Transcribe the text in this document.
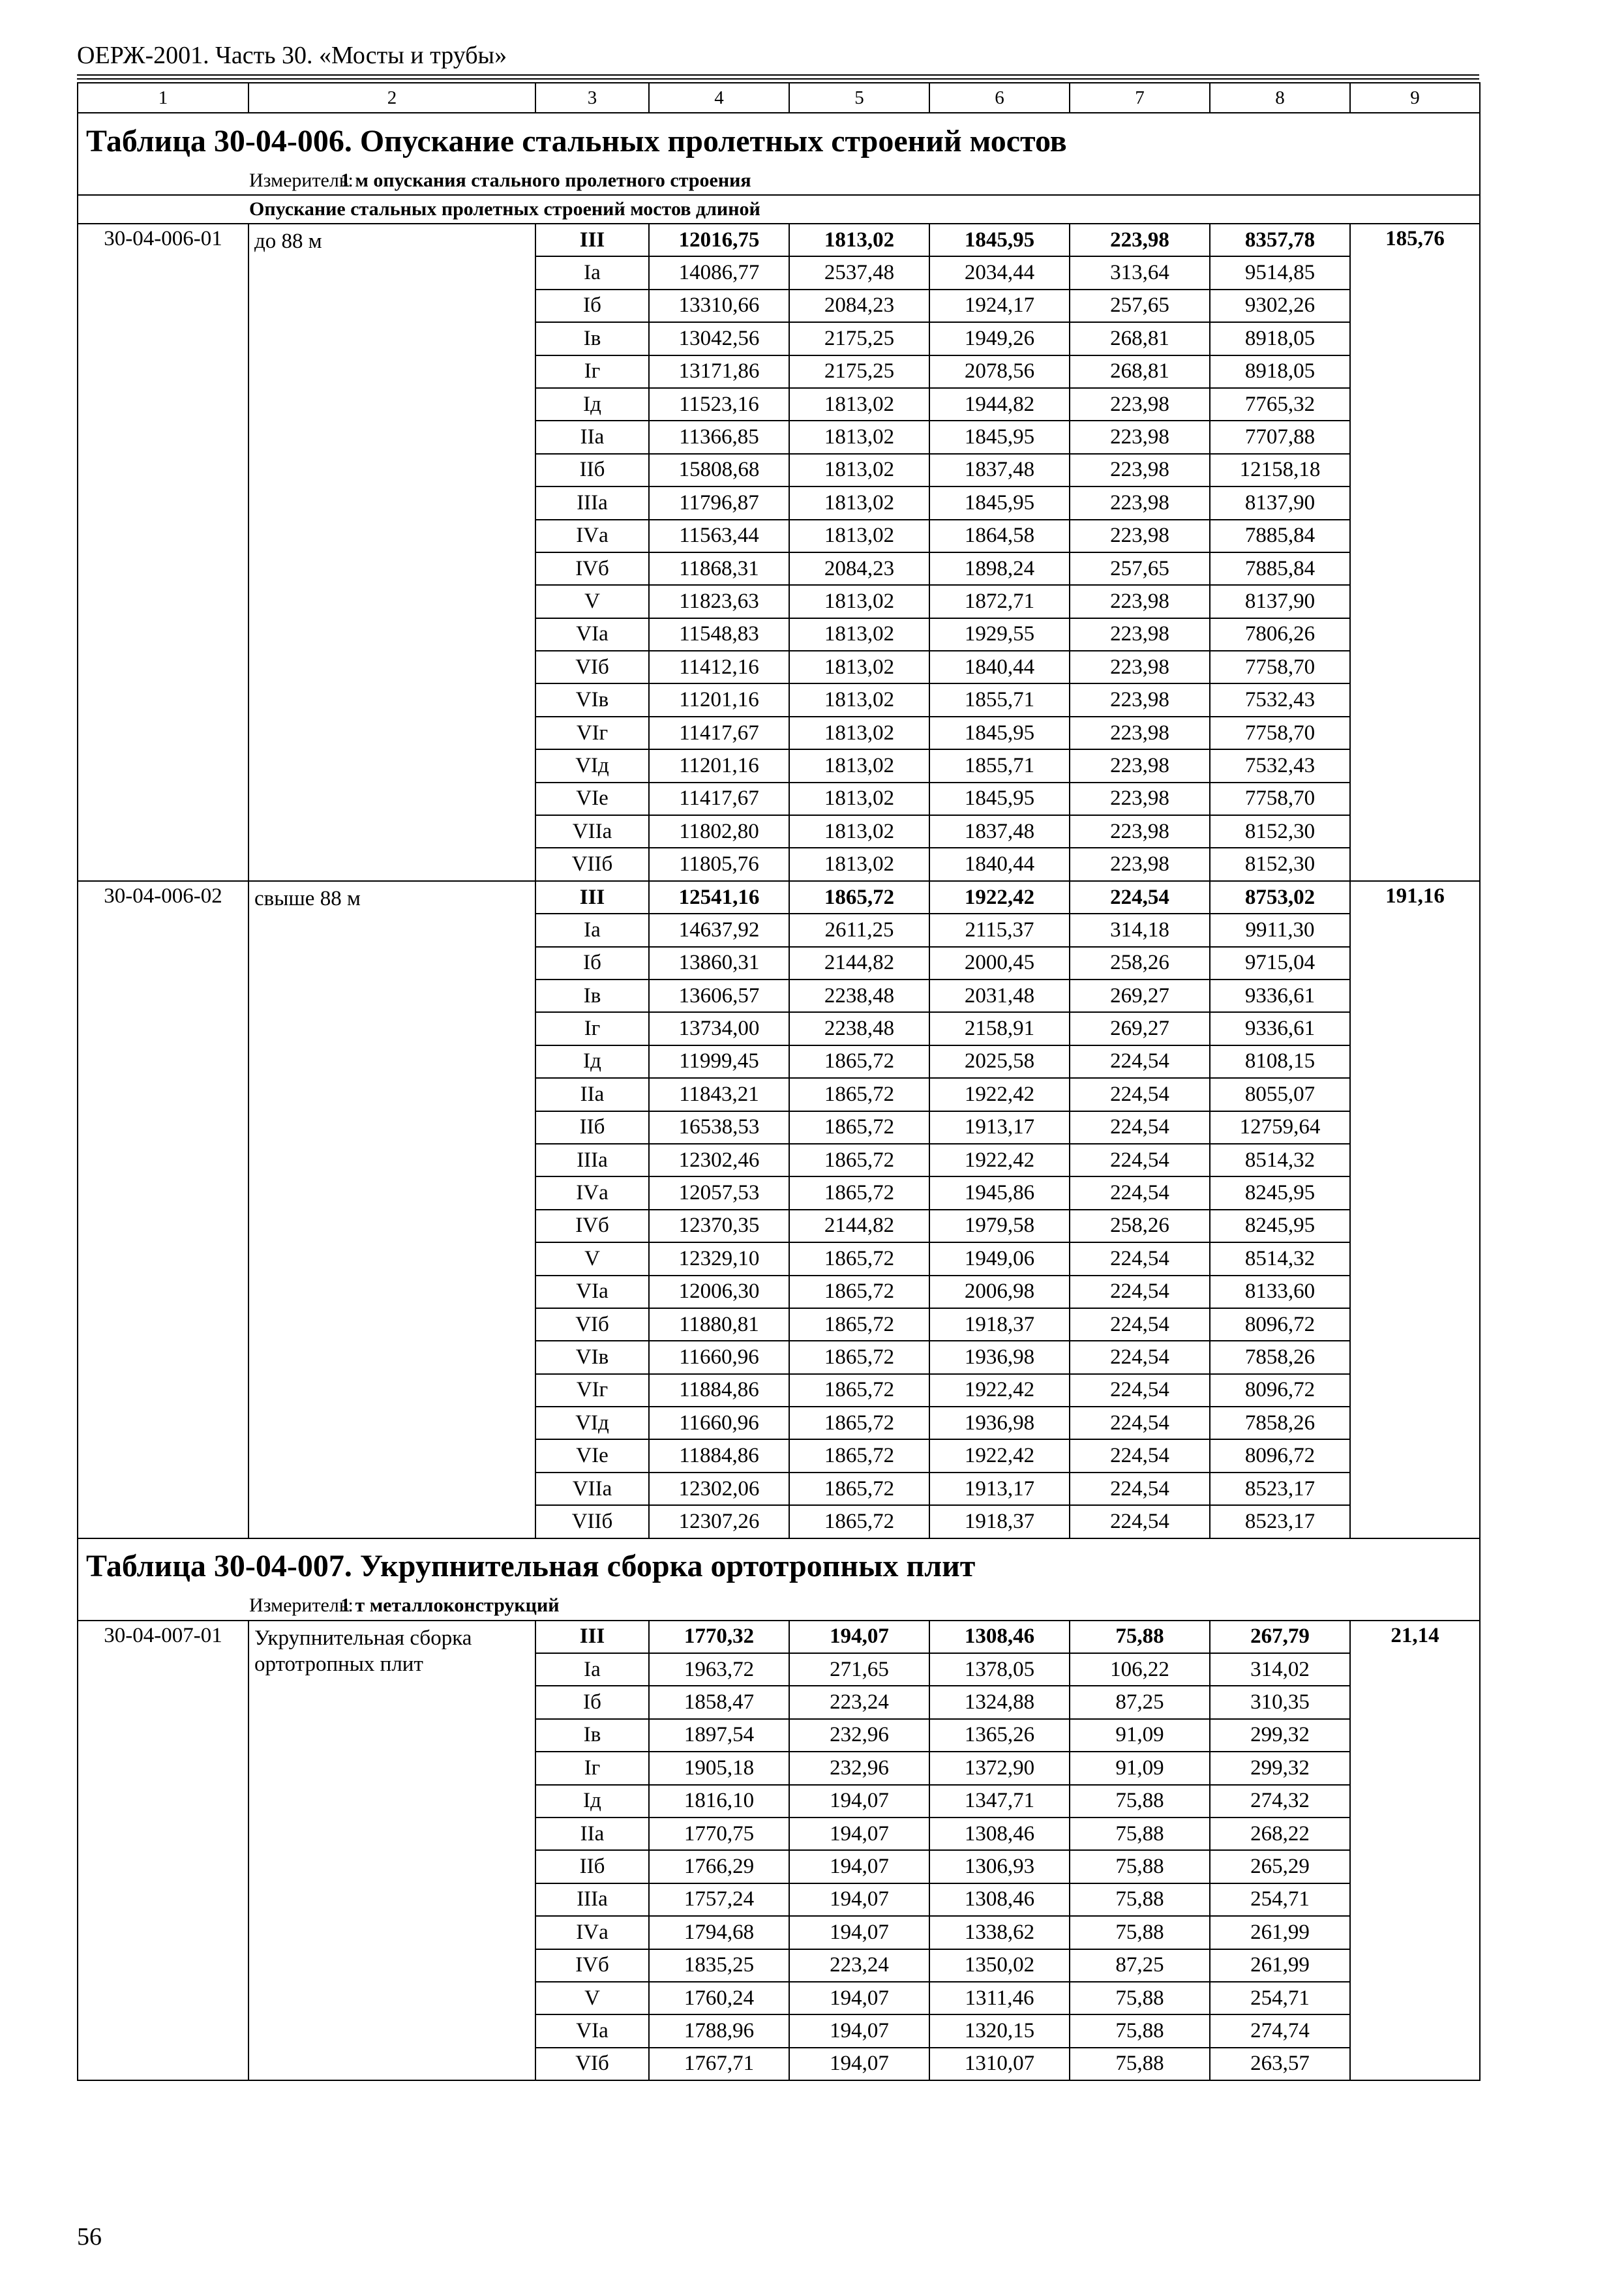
ОЕРЖ-2001. Часть 30. «Мосты и трубы»
1	2	3	4	5	6	7	8	9
Таблица 30-04-006. Опускание стальных пролетных строений мостов								
Измеритель:1 м опускания стального пролетного строения								
Опускание стальных пролетных строений мостов длиной								
30-04-006-01	до 88 м	III	12016,75	1813,02	1845,95	223,98	8357,78	185,76
		Iа	14086,77	2537,48	2034,44	313,64	9514,85	
		Iб	13310,66	2084,23	1924,17	257,65	9302,26	
		Iв	13042,56	2175,25	1949,26	268,81	8918,05	
		Iг	13171,86	2175,25	2078,56	268,81	8918,05	
		Iд	11523,16	1813,02	1944,82	223,98	7765,32	
		IIа	11366,85	1813,02	1845,95	223,98	7707,88	
		IIб	15808,68	1813,02	1837,48	223,98	12158,18	
		IIIа	11796,87	1813,02	1845,95	223,98	8137,90	
		IVа	11563,44	1813,02	1864,58	223,98	7885,84	
		IVб	11868,31	2084,23	1898,24	257,65	7885,84	
		V	11823,63	1813,02	1872,71	223,98	8137,90	
		VIа	11548,83	1813,02	1929,55	223,98	7806,26	
		VIб	11412,16	1813,02	1840,44	223,98	7758,70	
		VIв	11201,16	1813,02	1855,71	223,98	7532,43	
		VIг	11417,67	1813,02	1845,95	223,98	7758,70	
		VIд	11201,16	1813,02	1855,71	223,98	7532,43	
		VIе	11417,67	1813,02	1845,95	223,98	7758,70	
		VIIа	11802,80	1813,02	1837,48	223,98	8152,30	
		VIIб	11805,76	1813,02	1840,44	223,98	8152,30	
30-04-006-02	свыше 88 м	III	12541,16	1865,72	1922,42	224,54	8753,02	191,16
		Iа	14637,92	2611,25	2115,37	314,18	9911,30	
		Iб	13860,31	2144,82	2000,45	258,26	9715,04	
		Iв	13606,57	2238,48	2031,48	269,27	9336,61	
		Iг	13734,00	2238,48	2158,91	269,27	9336,61	
		Iд	11999,45	1865,72	2025,58	224,54	8108,15	
		IIа	11843,21	1865,72	1922,42	224,54	8055,07	
		IIб	16538,53	1865,72	1913,17	224,54	12759,64	
		IIIа	12302,46	1865,72	1922,42	224,54	8514,32	
		IVа	12057,53	1865,72	1945,86	224,54	8245,95	
		IVб	12370,35	2144,82	1979,58	258,26	8245,95	
		V	12329,10	1865,72	1949,06	224,54	8514,32	
		VIа	12006,30	1865,72	2006,98	224,54	8133,60	
		VIб	11880,81	1865,72	1918,37	224,54	8096,72	
		VIв	11660,96	1865,72	1936,98	224,54	7858,26	
		VIг	11884,86	1865,72	1922,42	224,54	8096,72	
		VIд	11660,96	1865,72	1936,98	224,54	7858,26	
		VIе	11884,86	1865,72	1922,42	224,54	8096,72	
		VIIа	12302,06	1865,72	1913,17	224,54	8523,17	
		VIIб	12307,26	1865,72	1918,37	224,54	8523,17	
Таблица 30-04-007. Укрупнительная сборка ортотропных плит								
Измеритель:1 т металлоконструкций								
30-04-007-01	Укрупнительная сборка ортотропных плит	III	1770,32	194,07	1308,46	75,88	267,79	21,14
		Iа	1963,72	271,65	1378,05	106,22	314,02	
		Iб	1858,47	223,24	1324,88	87,25	310,35	
		Iв	1897,54	232,96	1365,26	91,09	299,32	
		Iг	1905,18	232,96	1372,90	91,09	299,32	
		Iд	1816,10	194,07	1347,71	75,88	274,32	
		IIа	1770,75	194,07	1308,46	75,88	268,22	
		IIб	1766,29	194,07	1306,93	75,88	265,29	
		IIIа	1757,24	194,07	1308,46	75,88	254,71	
		IVа	1794,68	194,07	1338,62	75,88	261,99	
		IVб	1835,25	223,24	1350,02	87,25	261,99	
		V	1760,24	194,07	1311,46	75,88	254,71	
		VIа	1788,96	194,07	1320,15	75,88	274,74	
		VIб	1767,71	194,07	1310,07	75,88	263,57	
56
